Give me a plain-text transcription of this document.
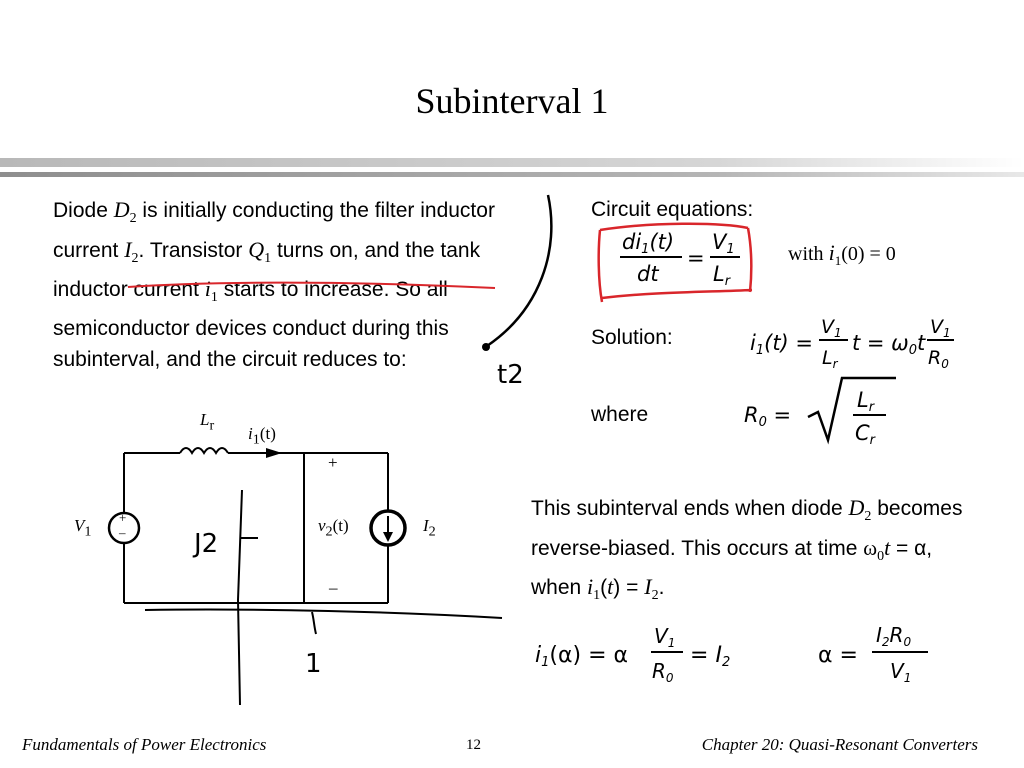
Subinterval 1
Diode $D_2$ is initially conducting the filter inductor current $I_2$. Transistor $Q_1$ turns on, and the tank inductor current $i_1$ starts to increase. So all semiconductor devices conduct during this subinterval, and the circuit reduces to:
Circuit equations:
with $i_1(0) = 0$
Solution:
where
This subinterval ends when diode $D_2$ becomes reverse-biased. This occurs at time $\omega_0t = \alpha$, when $i_1(t) = I_2$.
$L_r$ $i_1(t)$
$V_1$
+
$v_2(t)$
–
$I_2$
+
–
di1(t)
dt
=
V1
Lr
i1(t) =
$V_1$
$L_r$
t = ω0t
$V_1$
$R_0$
R0 =
Lr
Cr
i1(α) = α
$V_1$
$R_0$
= I2	α =
$I_2R_0$
$V_1$
t2
J2
1
Fundamentals of Power Electronics	12	Chapter 20: Quasi-Resonant Converters
